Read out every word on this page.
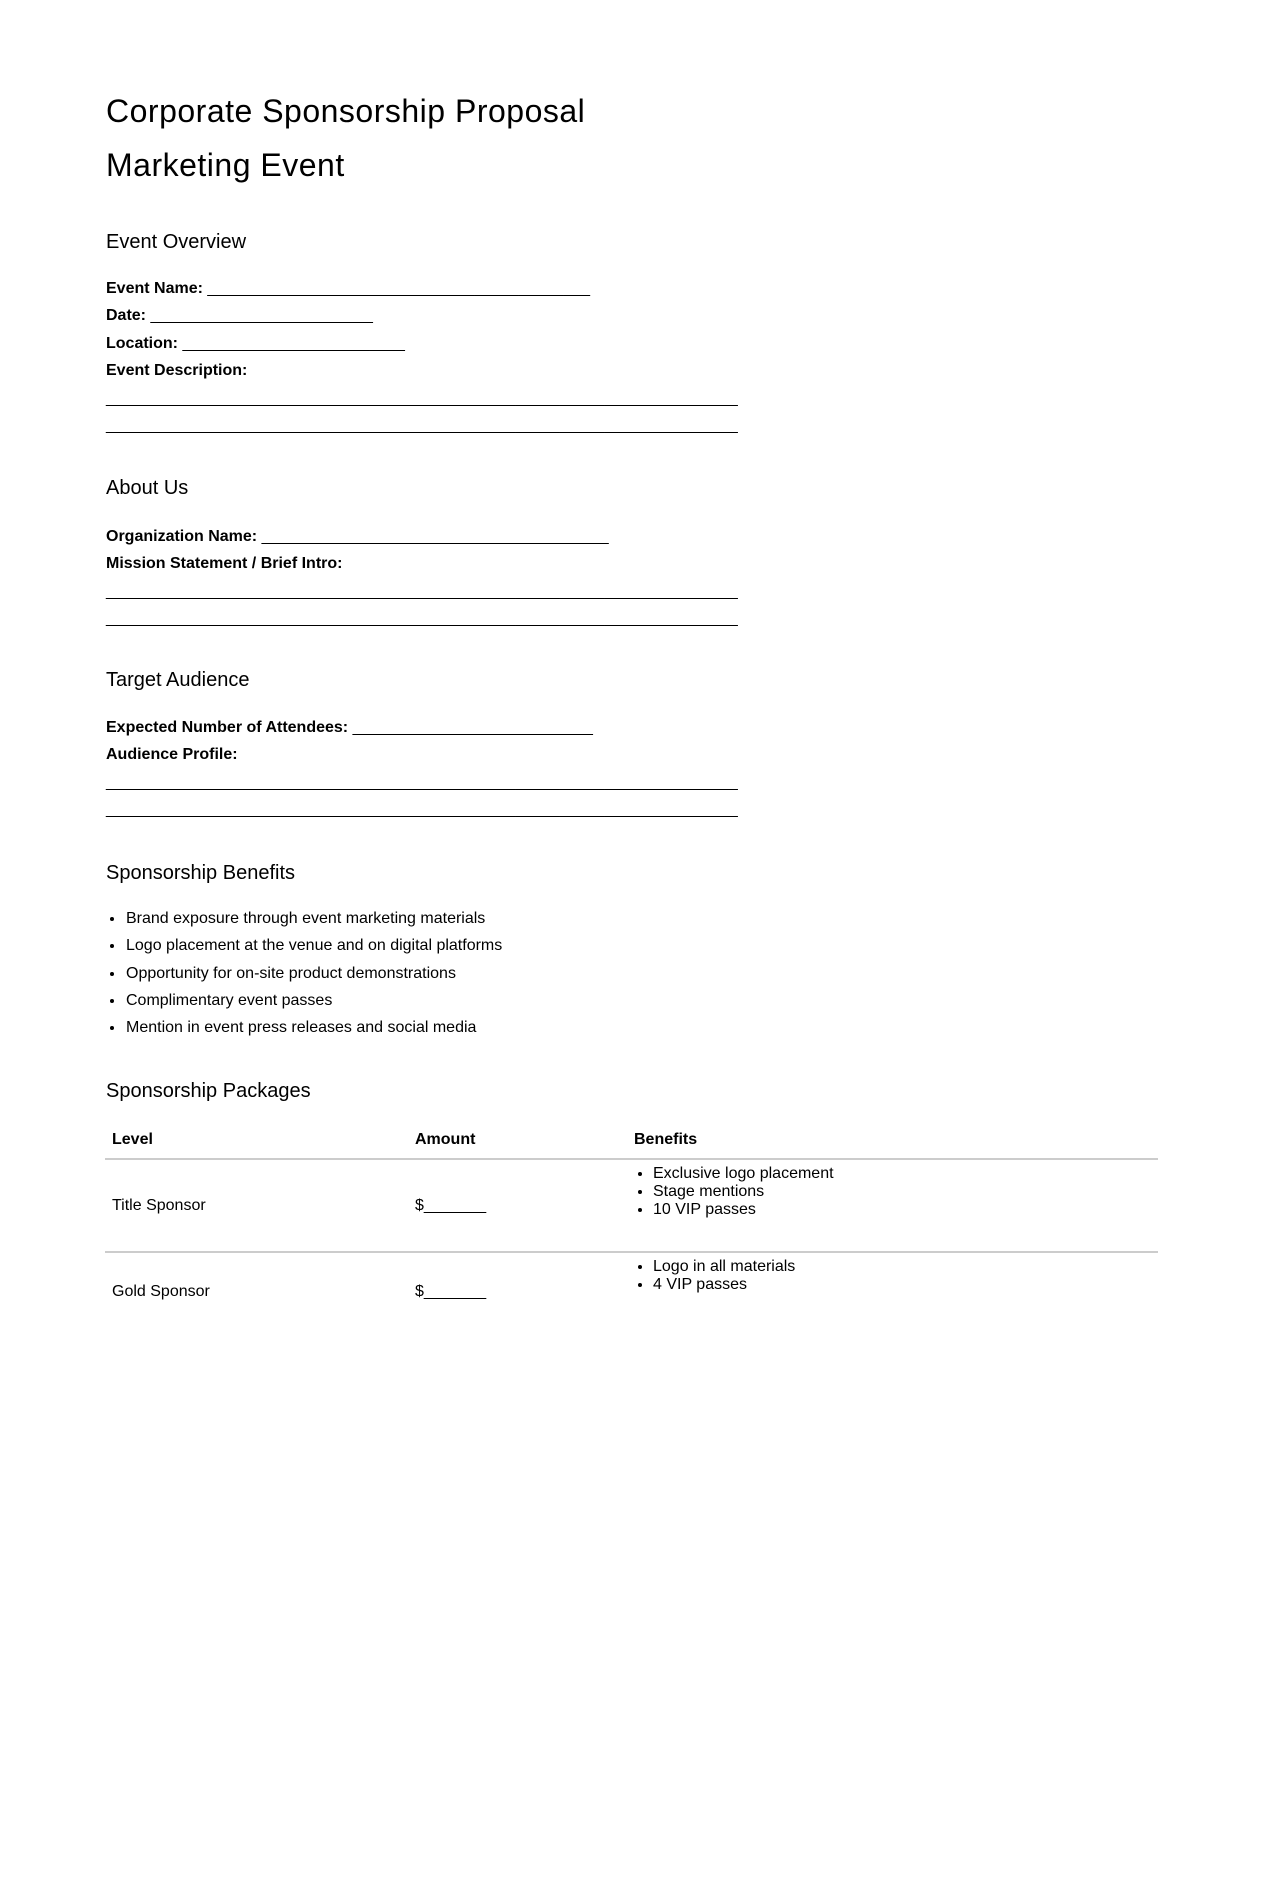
Corporate Sponsorship Proposal
Marketing Event
Event Overview
Event Name: ___________________________________________
Date: _________________________
Location: _________________________
Event Description:
_______________________________________________________________________
_______________________________________________________________________
About Us
Organization Name: _______________________________________
Mission Statement / Brief Intro:
_______________________________________________________________________
_______________________________________________________________________
Target Audience
Expected Number of Attendees: ___________________________
Audience Profile:
_______________________________________________________________________
_______________________________________________________________________
Sponsorship Benefits
• Brand exposure through event marketing materials
• Logo placement at the venue and on digital platforms
• Opportunity for on-site product demonstrations
• Complimentary event passes
• Mention in event press releases and social media
Sponsorship Packages
Level	Amount	Benefits
Title Sponsor	$_______	
• Exclusive logo placement
• Stage mentions
• 10 VIP passes

Gold Sponsor	$_______	
• Logo in all materials
• 4 VIP passes
